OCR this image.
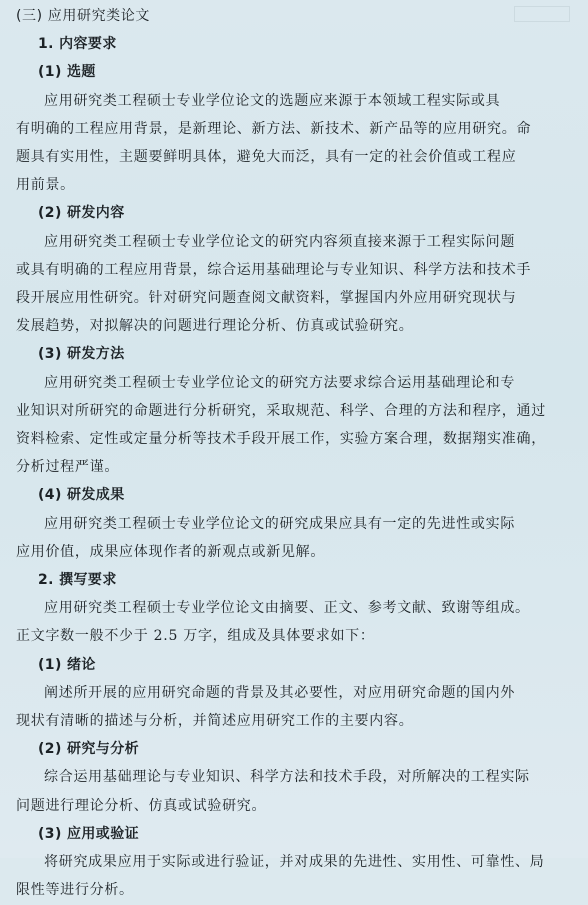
(三) 应用研究类论文

1. 内容要求

(1) 选题

应用研究类工程硕士专业学位论文的选题应来源于本领域工程实际或具

有明确的工程应用背景，是新理论、新方法、新技术、新产品等的应用研究。命

题具有实用性，主题要鲜明具体，避免大而泛，具有一定的社会价值或工程应

用前景。

(2) 研发内容

应用研究类工程硕士专业学位论文的研究内容须直接来源于工程实际问题

或具有明确的工程应用背景，综合运用基础理论与专业知识、科学方法和技术手

段开展应用性研究。针对研究问题查阅文献资料，掌握国内外应用研究现状与

发展趋势，对拟解决的问题进行理论分析、仿真或试验研究。

(3) 研发方法

应用研究类工程硕士专业学位论文的研究方法要求综合运用基础理论和专

业知识对所研究的命题进行分析研究，采取规范、科学、合理的方法和程序，通过

资料检索、定性或定量分析等技术手段开展工作，实验方案合理，数据翔实准确，

分析过程严谨。

(4) 研发成果

应用研究类工程硕士专业学位论文的研究成果应具有一定的先进性或实际

应用价值，成果应体现作者的新观点或新见解。

2. 撰写要求

应用研究类工程硕士专业学位论文由摘要、正文、参考文献、致谢等组成。

正文字数一般不少于 2.5 万字，组成及具体要求如下：

(1) 绪论

阐述所开展的应用研究命题的背景及其必要性，对应用研究命题的国内外

现状有清晰的描述与分析，并简述应用研究工作的主要内容。

(2) 研究与分析

综合运用基础理论与专业知识、科学方法和技术手段，对所解决的工程实际

问题进行理论分析、仿真或试验研究。

(3) 应用或验证

将研究成果应用于实际或进行验证，并对成果的先进性、实用性、可靠性、局

限性等进行分析。
